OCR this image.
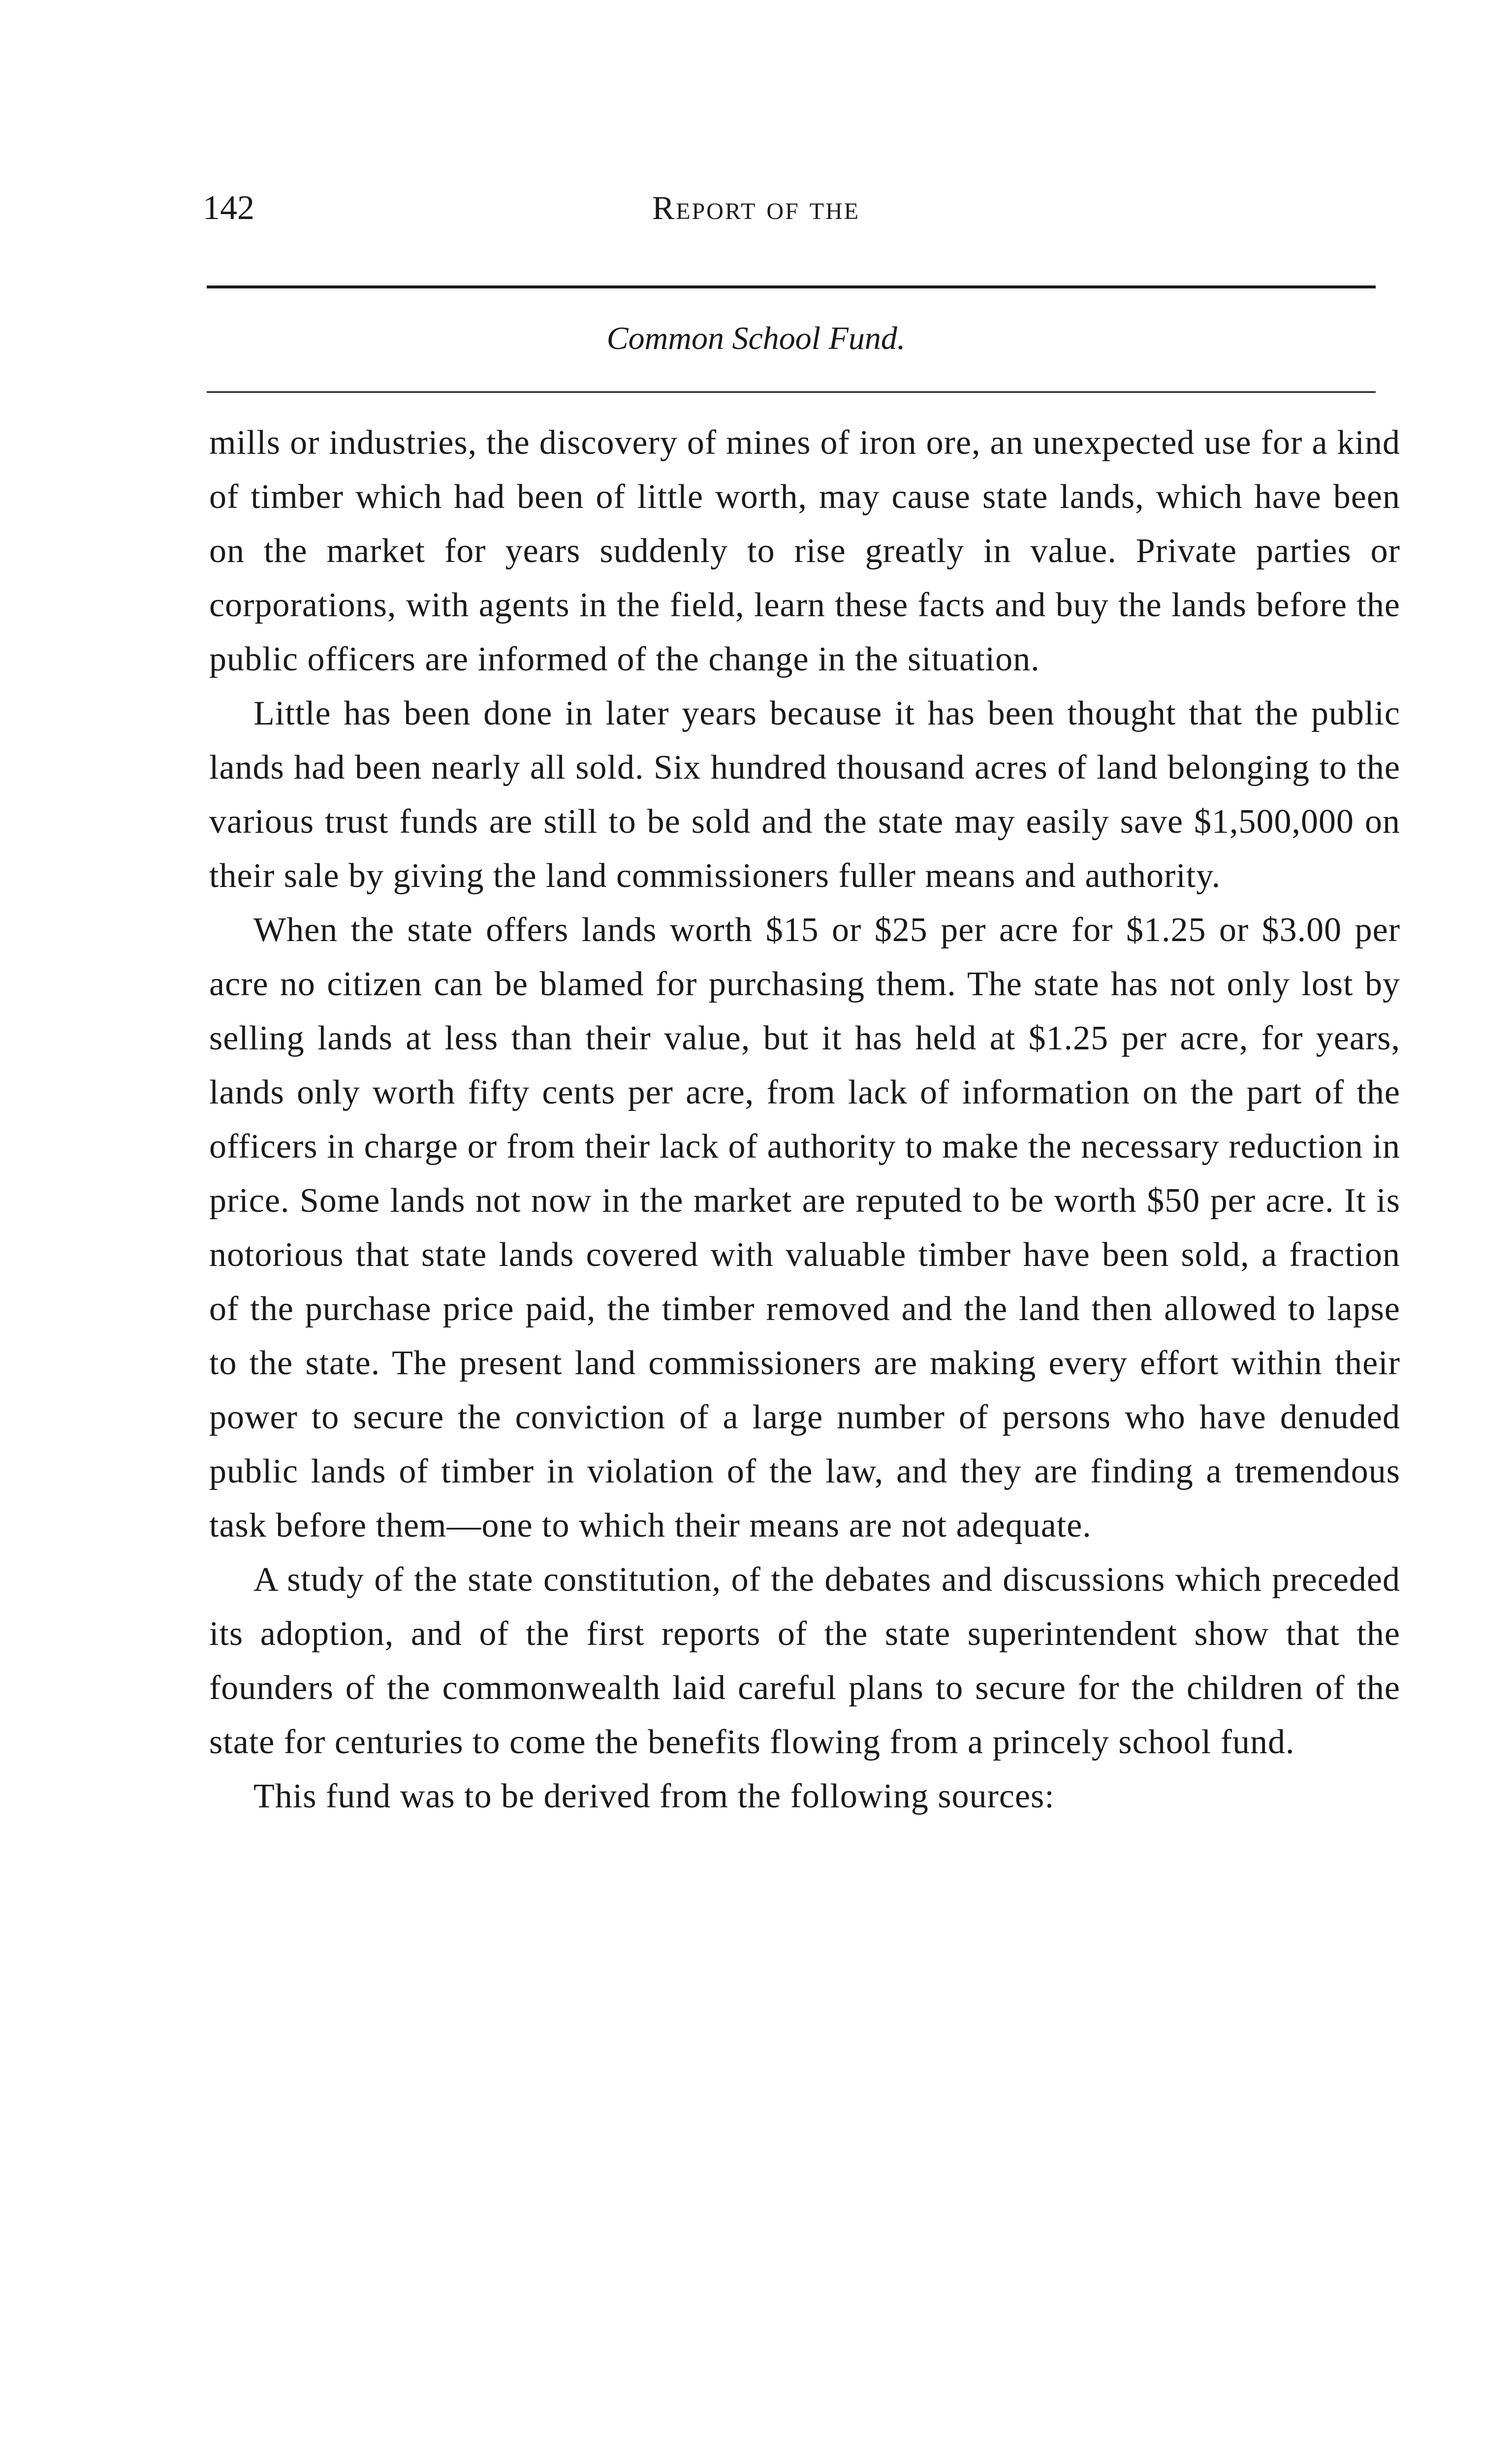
142	Report of the
Common School Fund.

mills or industries, the discovery of mines of iron ore, an unexpected use for a kind of timber which had been of little worth, may cause state lands, which have been on the market for years suddenly to rise greatly in value. Private parties or corporations, with agents in the field, learn these facts and buy the lands before the public officers are informed of the change in the situation.

Little has been done in later years because it has been thought that the public lands had been nearly all sold. Six hundred thousand acres of land belonging to the various trust funds are still to be sold and the state may easily save $1,500,000 on their sale by giving the land commissioners fuller means and authority.

When the state offers lands worth $15 or $25 per acre for $1.25 or $3.00 per acre no citizen can be blamed for purchasing them. The state has not only lost by selling lands at less than their value, but it has held at $1.25 per acre, for years, lands only worth fifty cents per acre, from lack of information on the part of the officers in charge or from their lack of authority to make the necessary reduction in price. Some lands not now in the market are reputed to be worth $50 per acre. It is notorious that state lands covered with valuable timber have been sold, a fraction of the purchase price paid, the timber removed and the land then allowed to lapse to the state. The present land commissioners are making every effort within their power to secure the conviction of a large number of persons who have denuded public lands of timber in violation of the law, and they are finding a tremendous task before them—one to which their means are not adequate.

A study of the state constitution, of the debates and discussions which preceded its adoption, and of the first reports of the state superintendent show that the founders of the commonwealth laid careful plans to secure for the children of the state for centuries to come the benefits flowing from a princely school fund.

This fund was to be derived from the following sources:
